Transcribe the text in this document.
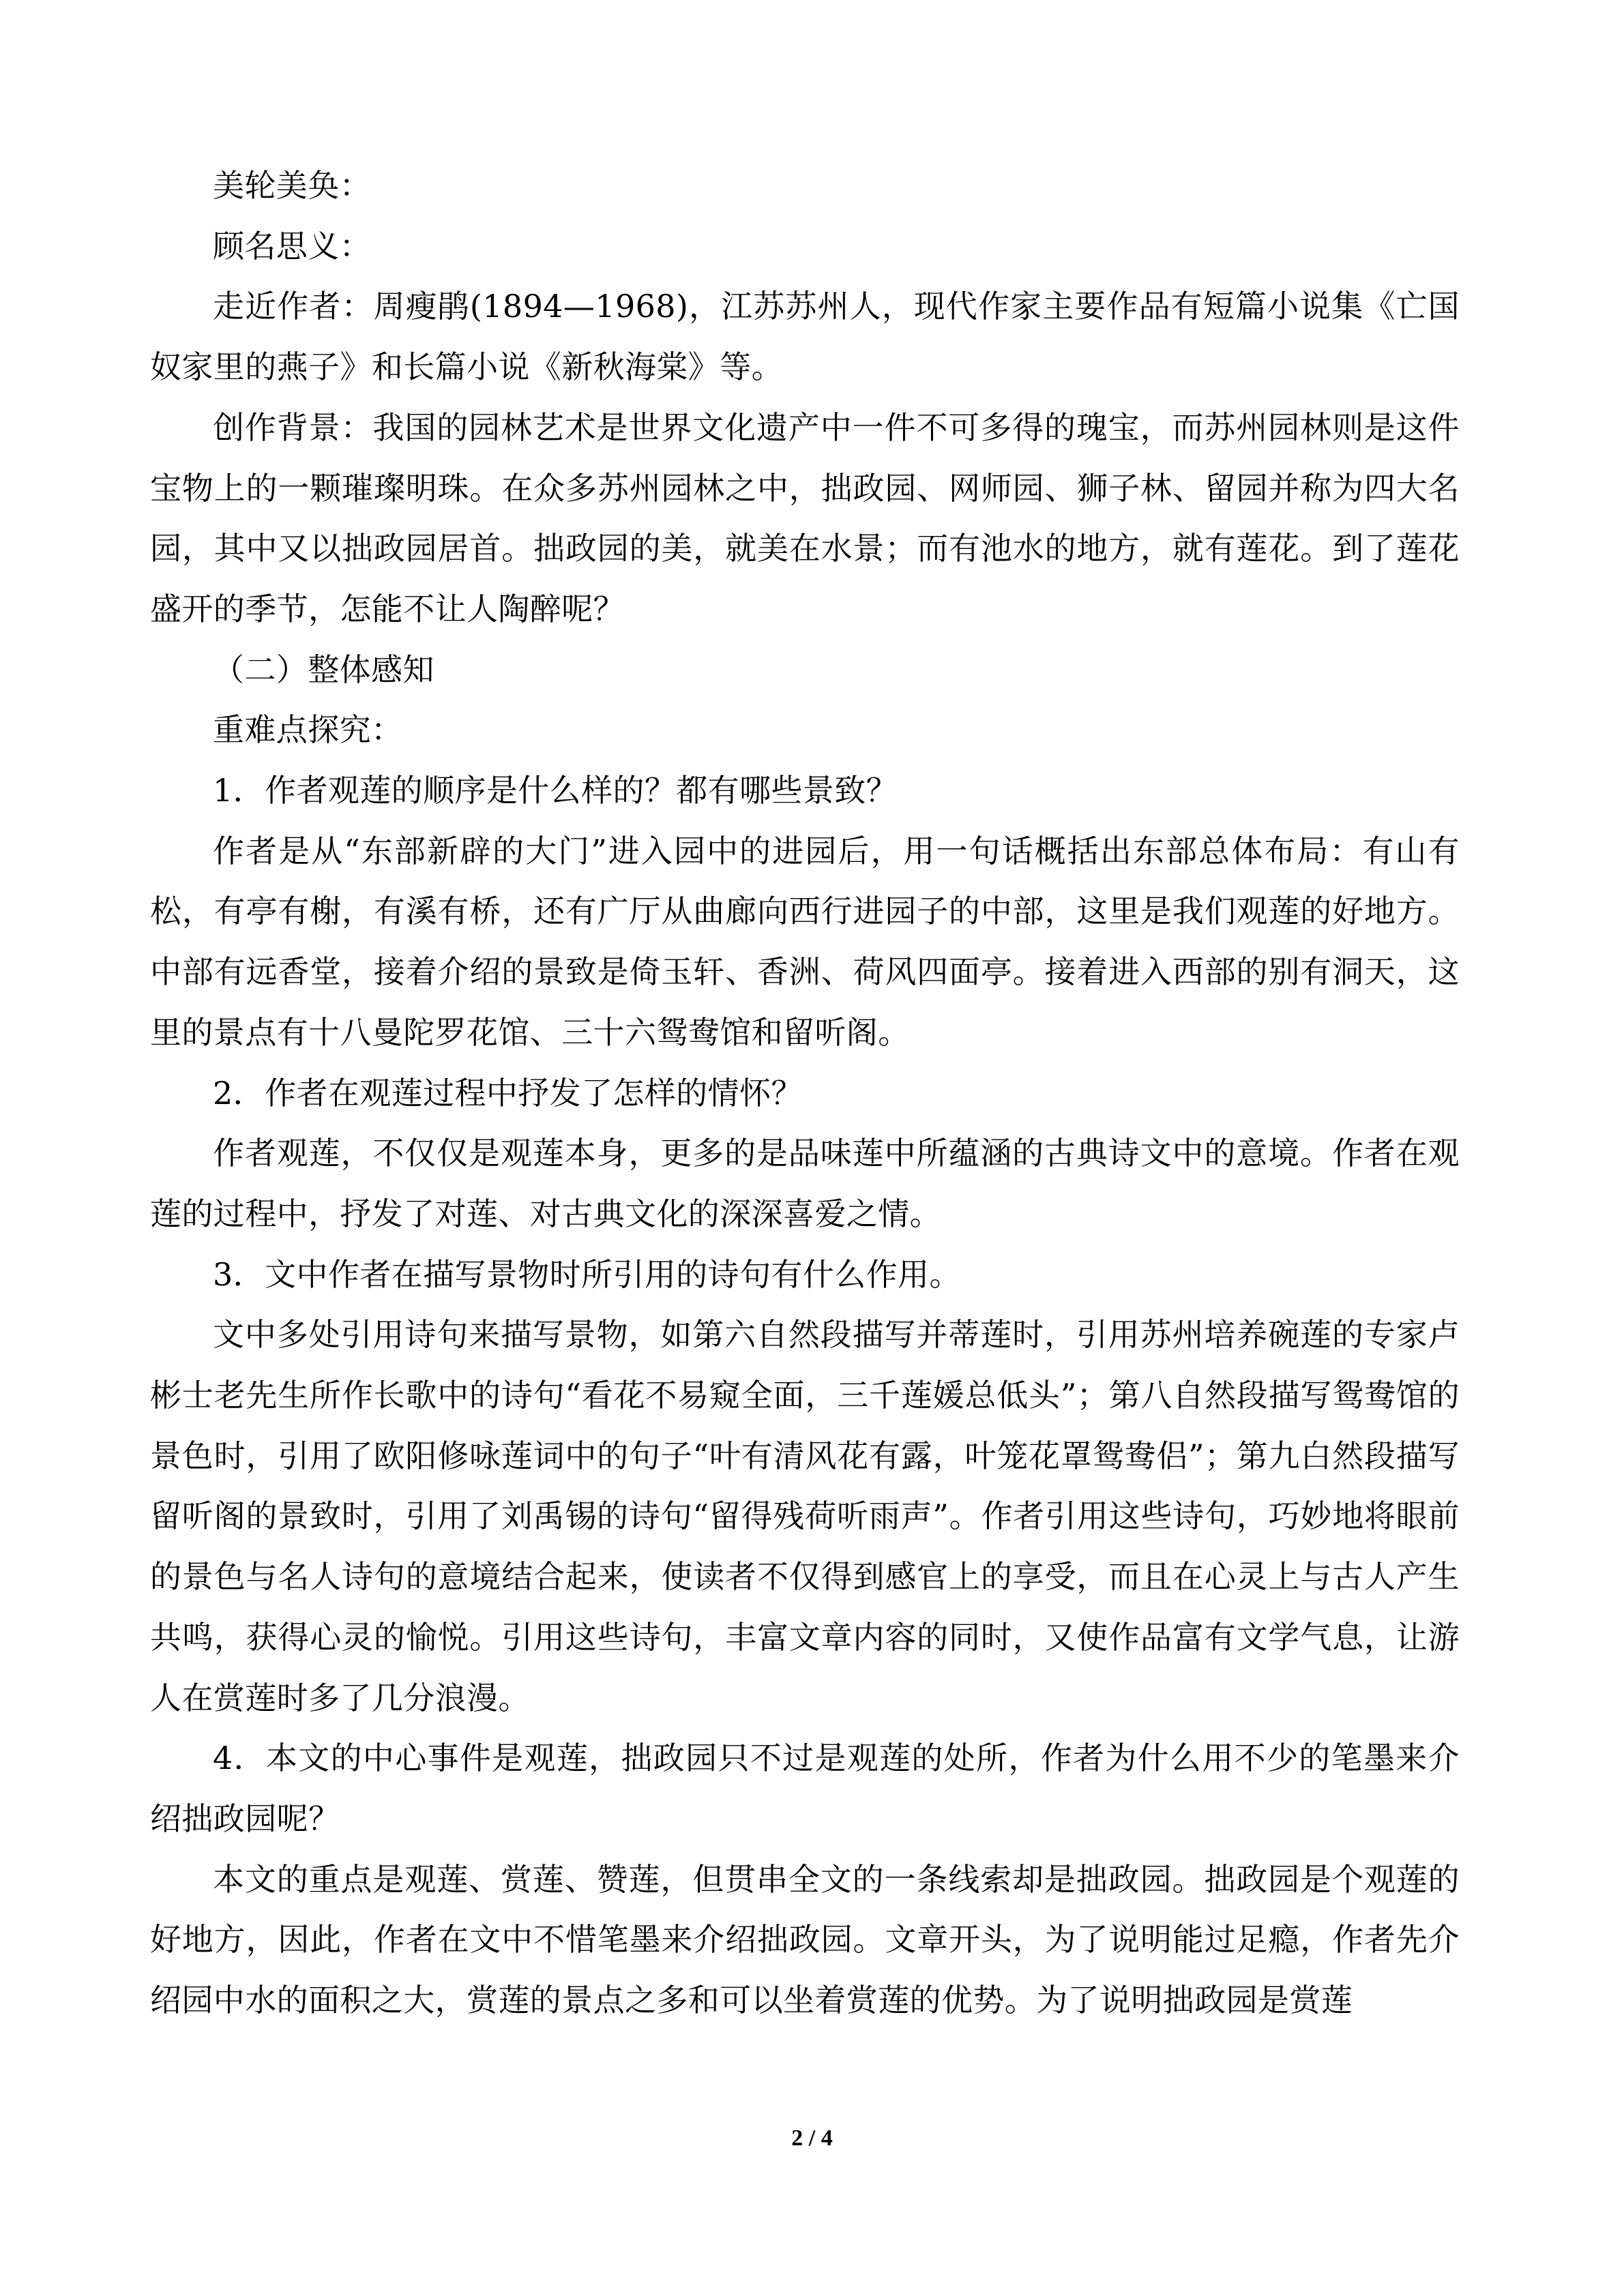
美轮美奂：

顾名思义：

走近作者：周瘦鹃(1894—1968)，江苏苏州人，现代作家主要作品有短篇小说集《亡国奴家里的燕子》和长篇小说《新秋海棠》等。

创作背景：我国的园林艺术是世界文化遗产中一件不可多得的瑰宝，而苏州园林则是这件宝物上的一颗璀璨明珠。在众多苏州园林之中，拙政园、网师园、狮子林、留园并称为四大名园，其中又以拙政园居首。拙政园的美，就美在水景；而有池水的地方，就有莲花。到了莲花盛开的季节，怎能不让人陶醉呢？

（二）整体感知

重难点探究：

1．作者观莲的顺序是什么样的？都有哪些景致？

作者是从“东部新辟的大门”进入园中的进园后，用一句话概括出东部总体布局：有山有松，有亭有榭，有溪有桥，还有广厅从曲廊向西行进园子的中部，这里是我们观莲的好地方。中部有远香堂，接着介绍的景致是倚玉轩、香洲、荷风四面亭。接着进入西部的别有洞天，这里的景点有十八曼陀罗花馆、三十六鸳鸯馆和留听阁。

2．作者在观莲过程中抒发了怎样的情怀？

作者观莲，不仅仅是观莲本身，更多的是品味莲中所蕴涵的古典诗文中的意境。作者在观莲的过程中，抒发了对莲、对古典文化的深深喜爱之情。

3．文中作者在描写景物时所引用的诗句有什么作用。

文中多处引用诗句来描写景物，如第六自然段描写并蒂莲时，引用苏州培养碗莲的专家卢彬士老先生所作长歌中的诗句“看花不易窥全面，三千莲媛总低头”；第八自然段描写鸳鸯馆的景色时，引用了欧阳修咏莲词中的句子“叶有清风花有露，叶笼花罩鸳鸯侣”；第九白然段描写留听阁的景致时，引用了刘禹锡的诗句“留得残荷听雨声”。作者引用这些诗句，巧妙地将眼前的景色与名人诗句的意境结合起来，使读者不仅得到感官上的享受，而且在心灵上与古人产生共鸣，获得心灵的愉悦。引用这些诗句，丰富文章内容的同时，又使作品富有文学气息，让游人在赏莲时多了几分浪漫。

4．本文的中心事件是观莲，拙政园只不过是观莲的处所，作者为什么用不少的笔墨来介绍拙政园呢？

本文的重点是观莲、赏莲、赞莲，但贯串全文的一条线索却是拙政园。拙政园是个观莲的好地方，因此，作者在文中不惜笔墨来介绍拙政园。文章开头，为了说明能过足瘾，作者先介绍园中水的面积之大，赏莲的景点之多和可以坐着赏莲的优势。为了说明拙政园是赏莲

2 / 4
